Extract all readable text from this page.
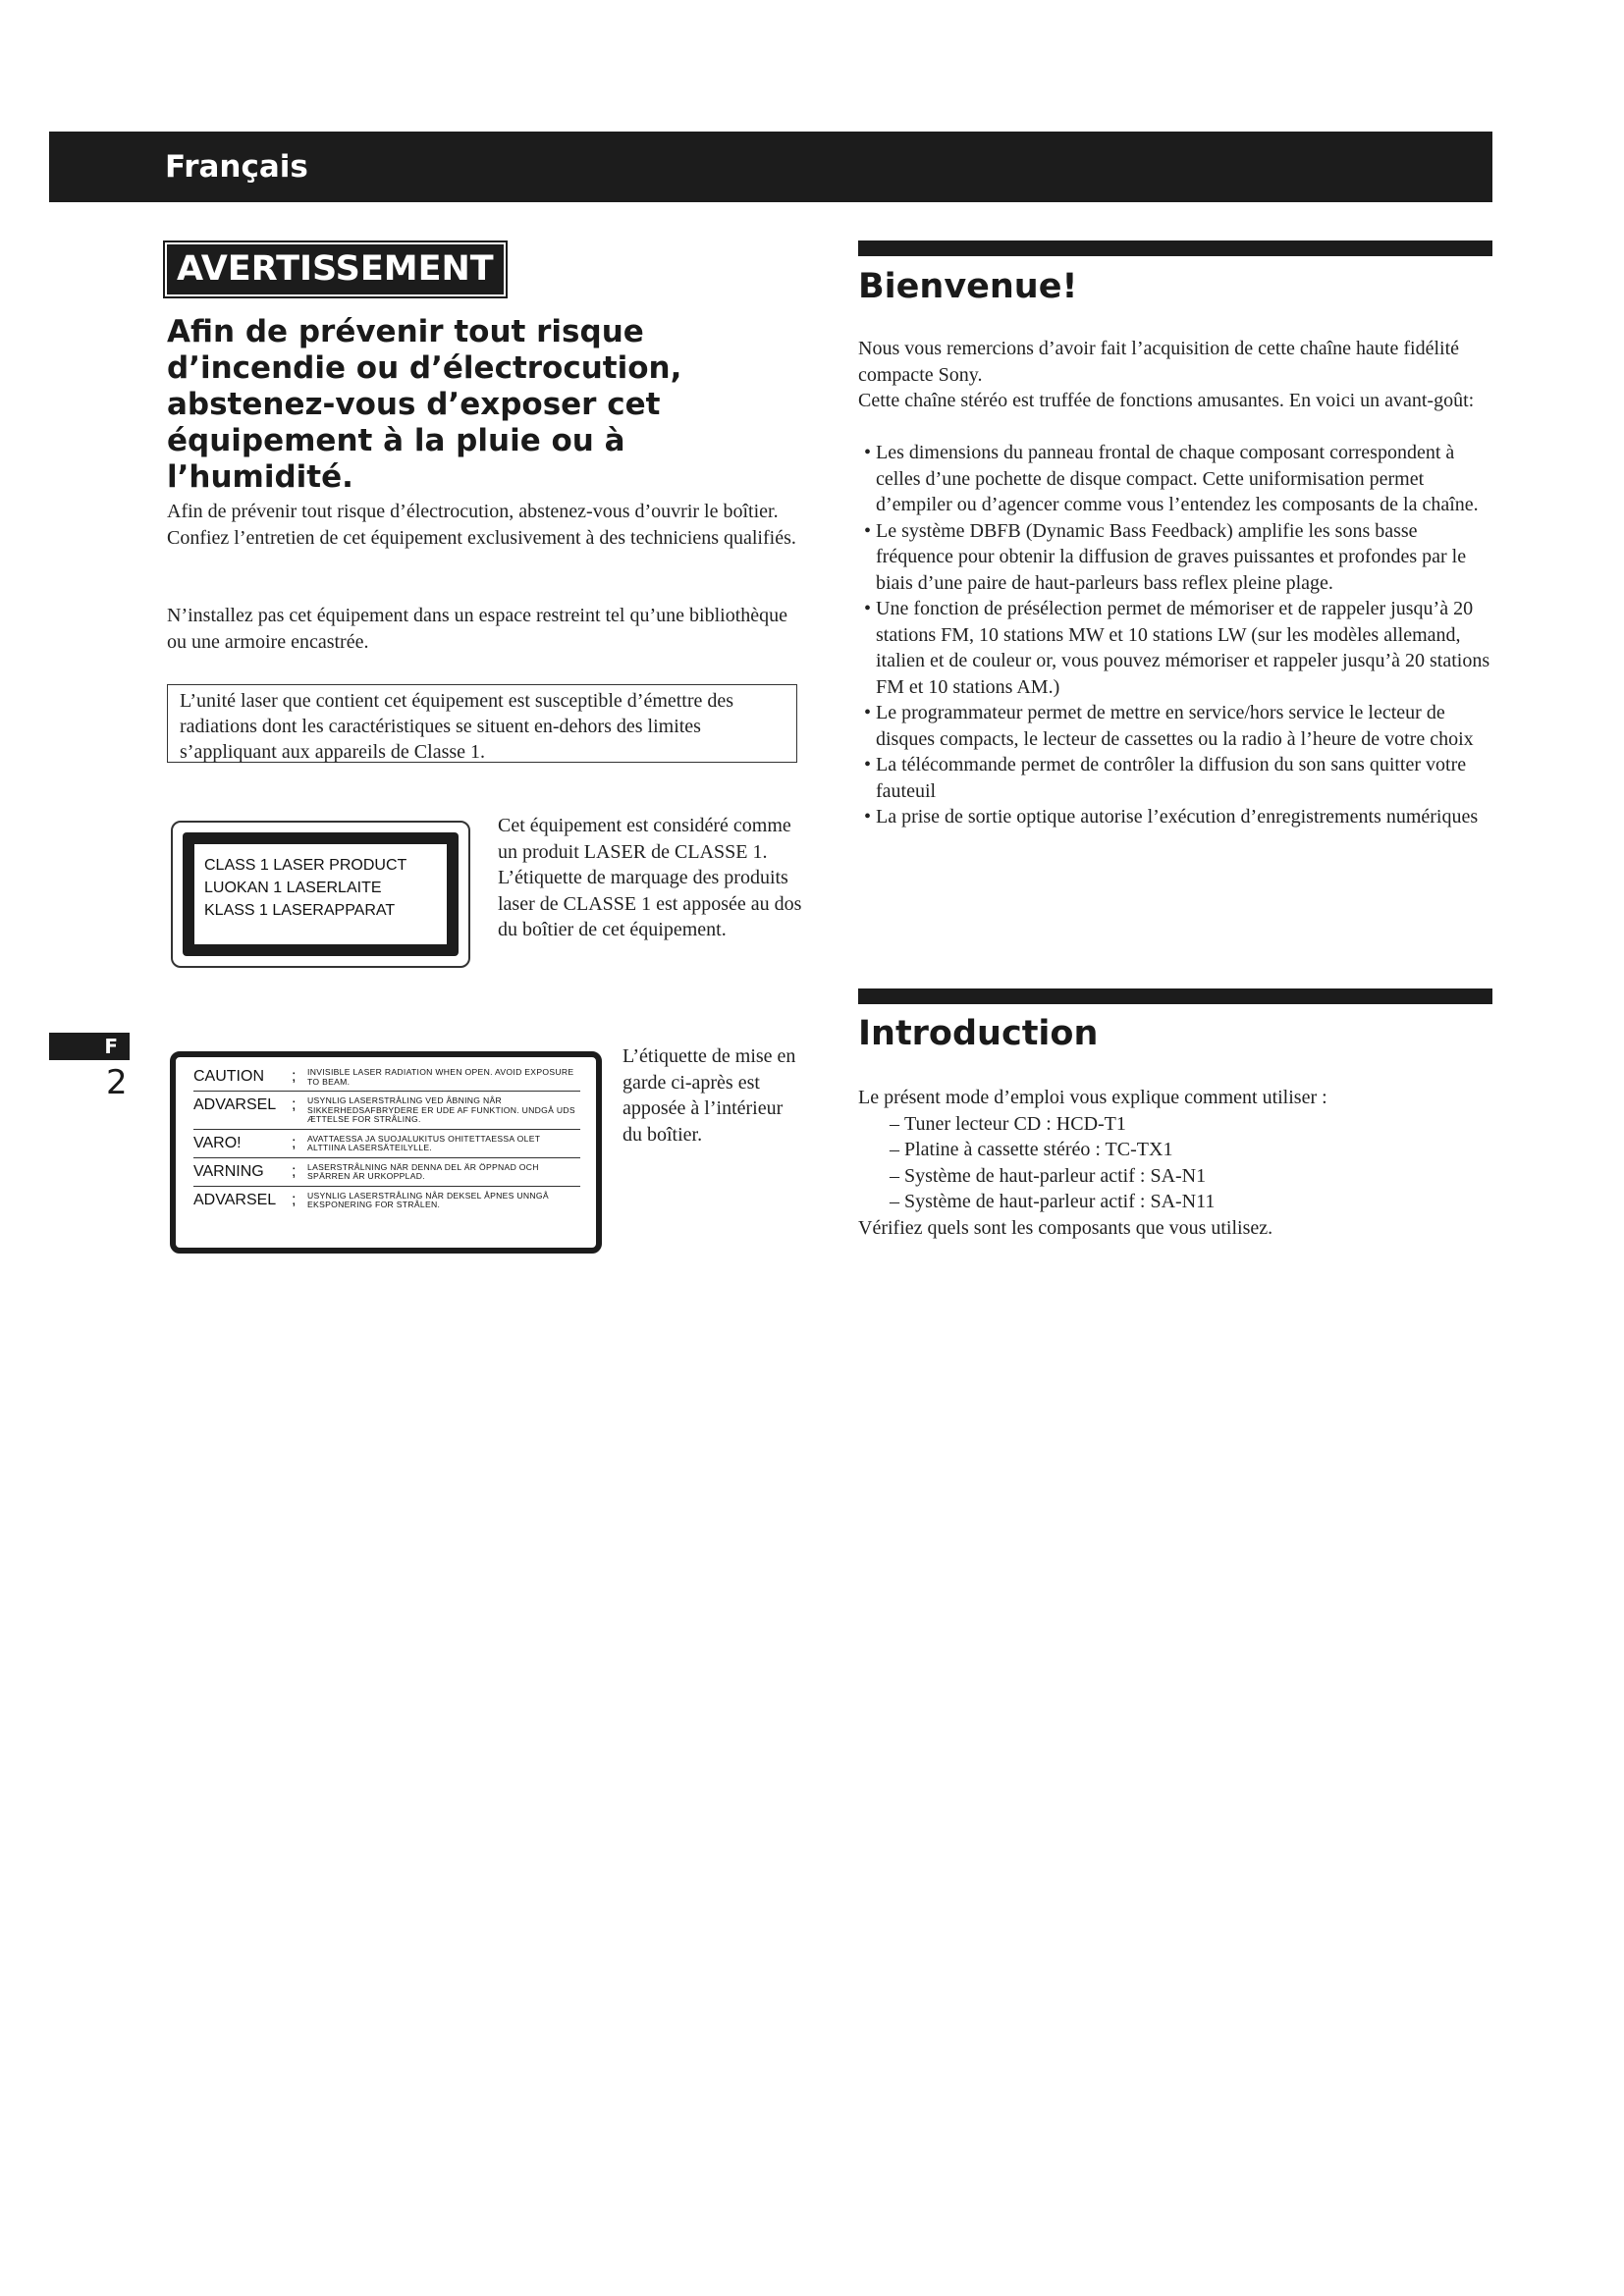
Français
F
2
AVERTISSEMENT
Afin de prévenir tout risque d’incendie ou d’électrocution, abstenez-vous d’exposer cet équipement à la pluie ou à l’humidité.

Afin de prévenir tout risque d’électrocution, abstenez-vous d’ouvrir le boîtier. Confiez l’entretien de cet équipement exclusivement à des techniciens qualifiés.

N’installez pas cet équipement dans un espace restreint tel qu’une bibliothèque ou une armoire encastrée.

L’unité laser que contient cet équipement est susceptible d’émettre des radiations dont les caractéristiques se situent en-dehors des limites s’appliquant aux appareils de Classe 1.
CLASS 1 LASER PRODUCT
LUOKAN 1 LASERLAITE
KLASS 1 LASERAPPARAT

Cet équipement est considéré comme un produit LASER de CLASSE 1.
L’étiquette de marquage des produits laser de CLASSE 1 est apposée au dos du boîtier de cet équipement.

CAUTION	;	INVISIBLE LASER RADIATION WHEN OPEN. AVOID EXPOSURE TO BEAM.
ADVARSEL ;	USYNLIG LASERSTRÅLING VED ÅBNING NÅR SIKKERHEDSAFBRYDERE ER UDE AF FUNKTION. UNDGÅ UDS ÆTTELSE FOR STRÅLING.
VARO!	;	AVATTAESSA JA SUOJALUKITUS OHITETTAESSA OLET ALTTIINA LASERSÄTEILYLLE.
VARNING	;	LASERSTRÅLNING NÄR DENNA DEL ÄR ÖPPNAD OCH SPÄRREN ÄR URKOPPLAD.
ADVARSEL ;	USYNLIG LASERSTRÅLING NÅR DEKSEL ÅPNES UNNGÅ EKSPONERING FOR STRÅLEN.

L’étiquette de mise en garde ci-après est apposée à l’intérieur du boîtier.

Bienvenue!

Nous vous remercions d’avoir fait l’acquisition de cette chaîne haute fidélité compacte Sony.

Cette chaîne stéréo est truffée de fonctions amusantes. En voici un avant-goût:

• Les dimensions du panneau frontal de chaque composant correspondent à celles d’une pochette de disque compact. Cette uniformisation permet d’empiler ou d’agencer comme vous l’entendez les composants de la chaîne.
• Le système DBFB (Dynamic Bass Feedback) amplifie les sons basse fréquence pour obtenir la diffusion de graves puissantes et profondes par le biais d’une paire de haut-parleurs bass reflex pleine plage.
• Une fonction de présélection permet de mémoriser et de rappeler jusqu’à 20 stations FM, 10 stations MW et 10 stations LW (sur les modèles allemand, italien et de couleur or, vous pouvez mémoriser et rappeler jusqu’à 20 stations FM et 10 stations AM.)
• Le programmateur permet de mettre en service/hors service le lecteur de disques compacts, le lecteur de cassettes ou la radio à l’heure de votre choix
• La télécommande permet de contrôler la diffusion du son sans quitter votre fauteuil
• La prise de sortie optique autorise l’exécution d’enregistrements numériques
Introduction
Le présent mode d’emploi vous explique comment utiliser :
– Tuner lecteur CD : HCD-T1
– Platine à cassette stéréo : TC-TX1
– Système de haut-parleur actif : SA-N1
– Système de haut-parleur actif : SA-N11
Vérifiez quels sont les composants que vous utilisez.
